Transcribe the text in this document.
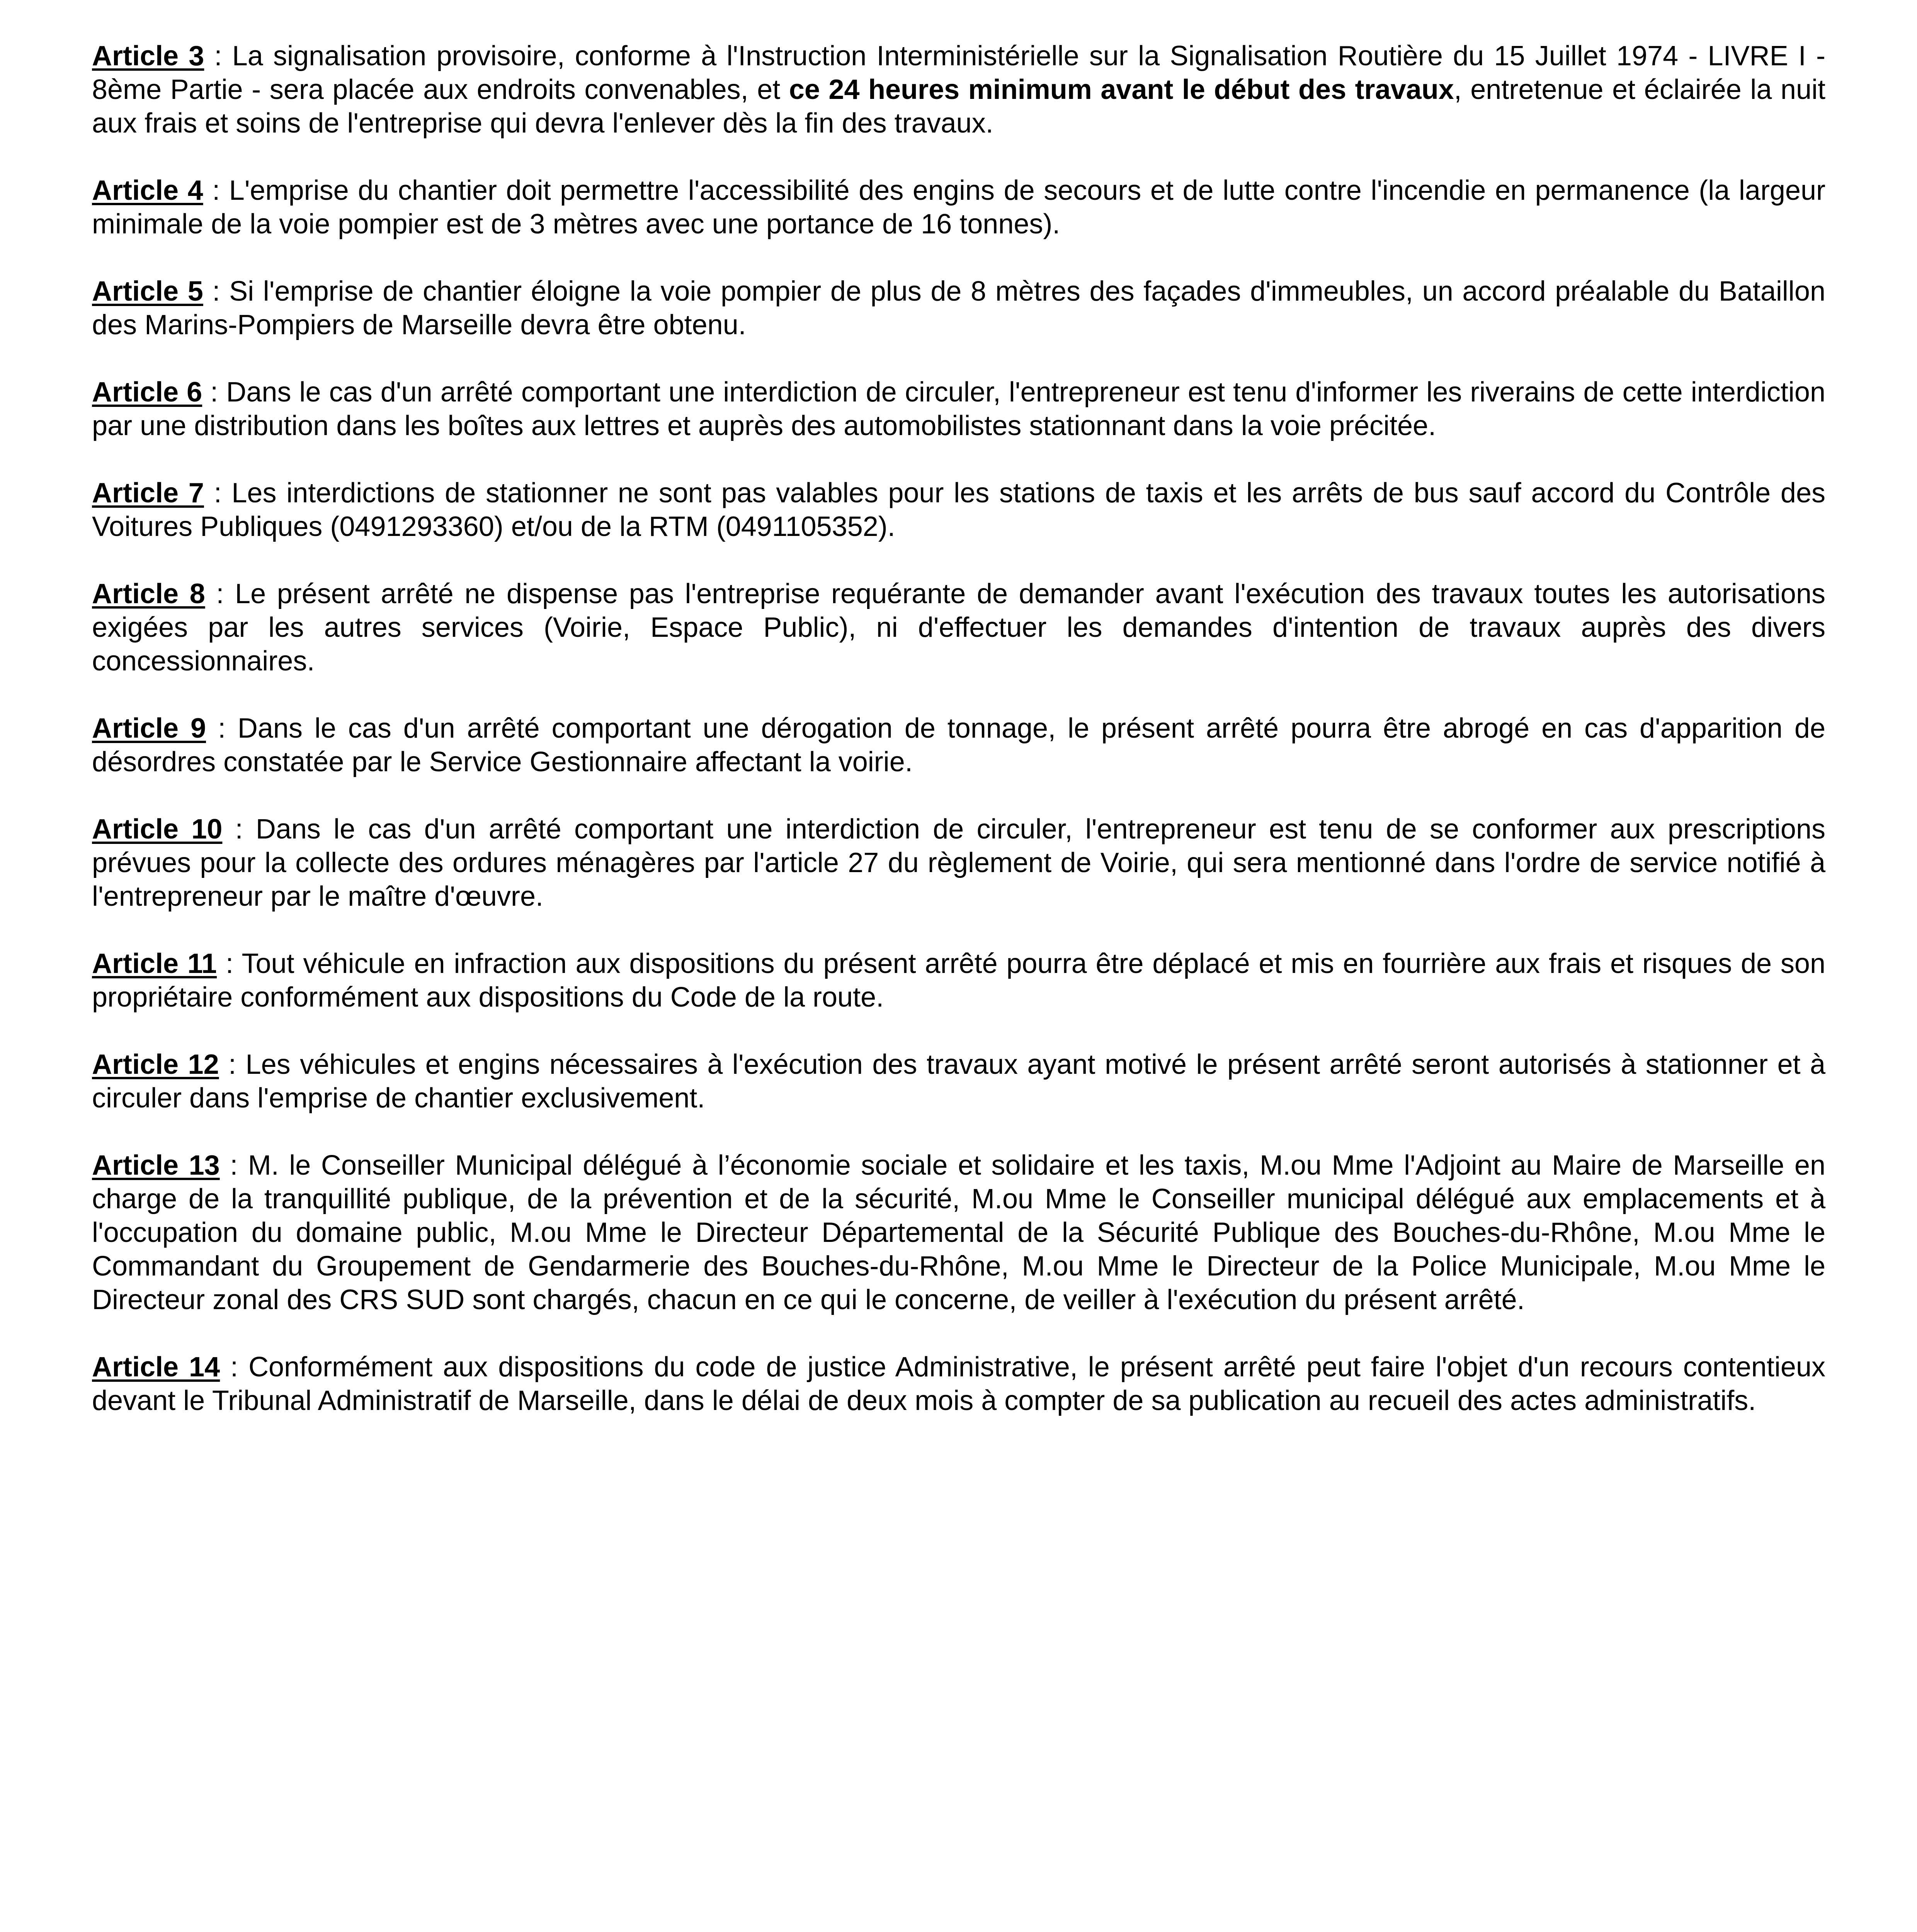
Article 3 : La signalisation provisoire, conforme à l'Instruction Interministérielle sur la Signalisation Routière du 15 Juillet 1974 - LIVRE I - 8ème Partie - sera placée aux endroits convenables, et ce 24 heures minimum avant le début des travaux, entretenue et éclairée la nuit aux frais et soins de l'entreprise qui devra l'enlever dès la fin des travaux.

Article 4 : L'emprise du chantier doit permettre l'accessibilité des engins de secours et de lutte contre l'incendie en permanence (la largeur minimale de la voie pompier est de 3 mètres avec une portance de 16 tonnes).

Article 5 : Si l'emprise de chantier éloigne la voie pompier de plus de 8 mètres des façades d'immeubles, un accord préalable du Bataillon des Marins-Pompiers de Marseille devra être obtenu.

Article 6 : Dans le cas d'un arrêté comportant une interdiction de circuler, l'entrepreneur est tenu d'informer les riverains de cette interdiction par une distribution dans les boîtes aux lettres et auprès des automobilistes stationnant dans la voie précitée.

Article 7 : Les interdictions de stationner ne sont pas valables pour les stations de taxis et les arrêts de bus sauf accord du Contrôle des Voitures Publiques (0491293360) et/ou de la RTM (0491105352).

Article 8 : Le présent arrêté ne dispense pas l'entreprise requérante de demander avant l'exécution des travaux toutes les autorisations exigées par les autres services (Voirie, Espace Public), ni d'effectuer les demandes d'intention de travaux auprès des divers concessionnaires.

Article 9 : Dans le cas d'un arrêté comportant une dérogation de tonnage, le présent arrêté pourra être abrogé en cas d'apparition de désordres constatée par le Service Gestionnaire affectant la voirie.

Article 10 : Dans le cas d'un arrêté comportant une interdiction de circuler, l'entrepreneur est tenu de se conformer aux prescriptions prévues pour la collecte des ordures ménagères par l'article 27 du règlement de Voirie, qui sera mentionné dans l'ordre de service notifié à l'entrepreneur par le maître d'œuvre.

Article 11 : Tout véhicule en infraction aux dispositions du présent arrêté pourra être déplacé et mis en fourrière aux frais et risques de son propriétaire conformément aux dispositions du Code de la route.

Article 12 : Les véhicules et engins nécessaires à l'exécution des travaux ayant motivé le présent arrêté seront autorisés à stationner et à circuler dans l'emprise de chantier exclusivement.

Article 13 : M. le Conseiller Municipal délégué à l’économie sociale et solidaire et les taxis, M.ou Mme l'Adjoint au Maire de Marseille en charge de la tranquillité publique, de la prévention et de la sécurité, M.ou Mme le Conseiller municipal délégué aux emplacements et à l'occupation du domaine public, M.ou Mme le Directeur Départemental de la Sécurité Publique des Bouches-du-Rhône, M.ou Mme le Commandant du Groupement de Gendarmerie des Bouches-du-Rhône, M.ou Mme le Directeur de la Police Municipale, M.ou Mme le Directeur zonal des CRS SUD sont chargés, chacun en ce qui le concerne, de veiller à l'exécution du présent arrêté.

Article 14 : Conformément aux dispositions du code de justice Administrative, le présent arrêté peut faire l'objet d'un recours contentieux devant le Tribunal Administratif de Marseille, dans le délai de deux mois à compter de sa publication au recueil des actes administratifs.
